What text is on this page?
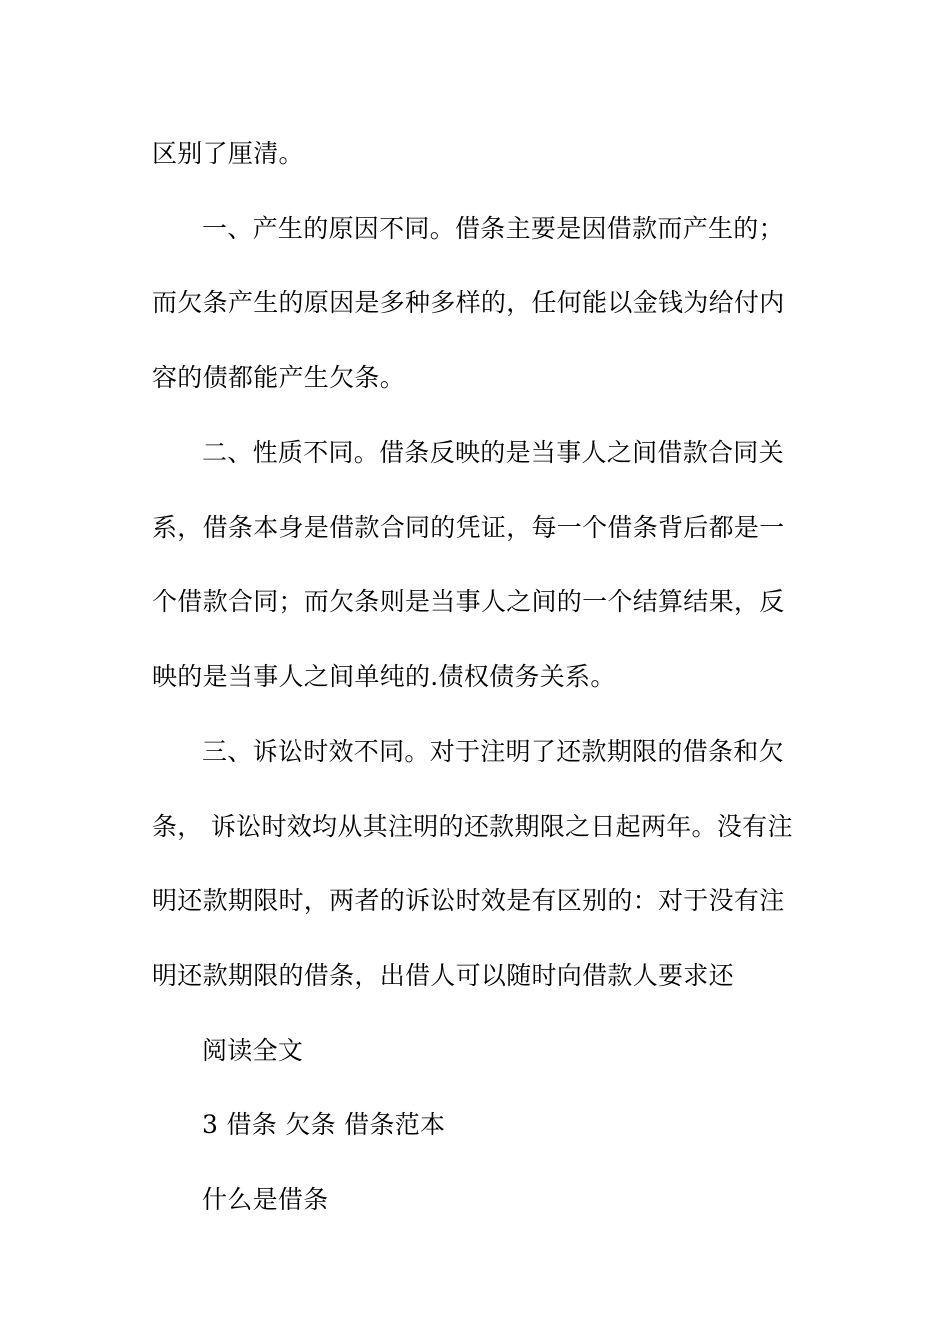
区别了厘清。
一、产生的原因不同。借条主要是因借款而产生的；
而欠条产生的原因是多种多样的，任何能以金钱为给付内
容的债都能产生欠条。
二、性质不同。借条反映的是当事人之间借款合同关
系，借条本身是借款合同的凭证，每一个借条背后都是一
个借款合同；而欠条则是当事人之间的一个结算结果，反
映的是当事人之间单纯的.债权债务关系。
三、诉讼时效不同。对于注明了还款期限的借条和欠
条， 诉讼时效均从其注明的还款期限之日起两年。没有注
明还款期限时，两者的诉讼时效是有区别的：对于没有注
明还款期限的借条，出借人可以随时向借款人要求还
阅读全文
3 借条 欠条 借条范本
什么是借条
